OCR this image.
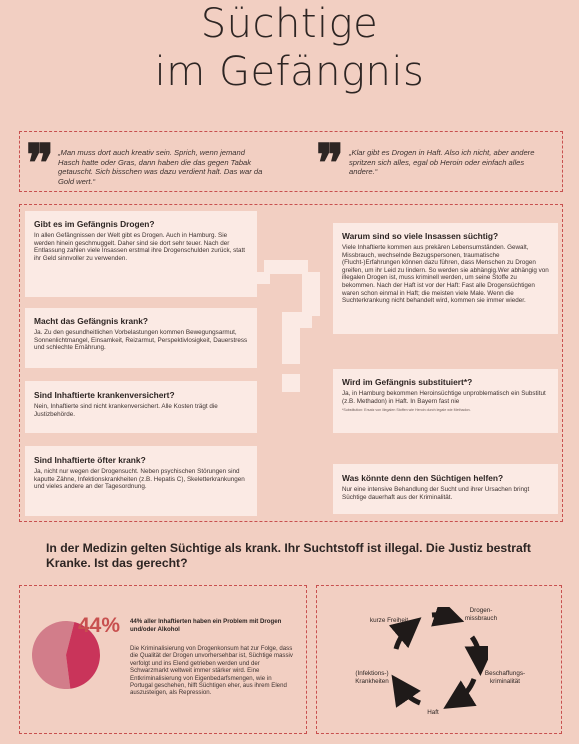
Süchtige
im Gefängnis
❞ „Man muss dort auch kreativ sein. Sprich, wenn jemand Hasch hatte oder Gras, dann haben die das gegen Tabak getauscht. Sich bisschen was dazu verdient halt. Das war da Gold wert.“	❞ „Klar gibt es Drogen in Haft. Also ich nicht, aber andere spritzen sich alles, egal ob Heroin oder einfach alles andere.“
Gibt es im Gefängnis Drogen?

In allen Gefängnissen der Welt gibt es Drogen. Auch in Hamburg. Sie werden hinein geschmuggelt. Daher sind sie dort sehr teuer. Nach der Entlassung zahlen viele Insassen erstmal ihre Drogenschulden zurück, statt ihr Geld sinnvoller zu verwenden.

Macht das Gefängnis krank?

Ja. Zu den gesundheitlichen Vorbelastungen kommen Bewegungsarmut, Sonnenlichtmangel, Einsamkeit, Reizarmut, Perspektivlosigkeit, Dauerstress und schlechte Ernährung.

Sind Inhaftierte krankenversichert?

Nein, Inhaftierte sind nicht krankenversichert. Alle Kosten trägt die Justizbehörde.

Sind Inhaftierte öfter krank?

Ja, nicht nur wegen der Drogensucht. Neben psychischen Störungen sind kaputte Zähne, Infektionskrankheiten (z.B. Hepatis C), Skeletterkrankungen und vieles andere an der Tagesordnung.

Warum sind so viele Insassen süchtig?

Viele Inhaftierte kommen aus prekären Lebensumständen. Gewalt, Missbrauch, wechselnde Bezugspersonen, traumatische (Flucht-)Erfahrungen können dazu führen, dass Menschen zu Drogen greifen, um ihr Leid zu lindern. So werden sie abhängig.Wer abhängig von illegalen Drogen ist, muss kriminell werden, um seine Stoffe zu bekommen. Nach der Haft ist vor der Haft: Fast alle Drogensüchtigen waren schon einmal in Haft; die meisten viele Male. Wenn die Suchterkrankung nicht behandelt wird, kommen sie immer wieder.

Wird im Gefängnis substituiert*?

Ja, in Hamburg bekommen Heroinsüchtige unproblematisch ein Substitut (z.B. Methadon) in Haft. In Bayern fast nie

*Substitution: Ersatz von illegalen Stoffen wie Heroin durch legale wie Methadon.
Was könnte denn den Süchtigen helfen?

Nur eine intensive Behandlung der Sucht und ihrer Ursachen bringt Süchtige dauerhaft aus der Kriminalität.

In der Medizin gelten Süchtige als krank. Ihr Suchtstoff ist illegal. Die Justiz bestraft Kranke. Ist das gerecht?
44% 44% aller Inhaftierten haben ein Problem mit Drogen und/oder Alkohol
Die Kriminalisierung von Drogenkonsum hat zur Folge, dass die Qualität der Drogen unvorhersehbar ist, Süchtige massiv verfolgt und ins Elend getrieben werden und der Schwarzmarkt weltweit immer stärker wird. Eine Entkriminalisierung von Eigenbedarfsmengen, wie in Portugal geschehen, hilft Süchtigen eher, aus ihrem Elend auszusteigen, als Repression.
kurze Freiheit
Drogen-
missbrauch
Beschaffungs-
kriminalität
Haft
(Infektions-)
Krankheiten
